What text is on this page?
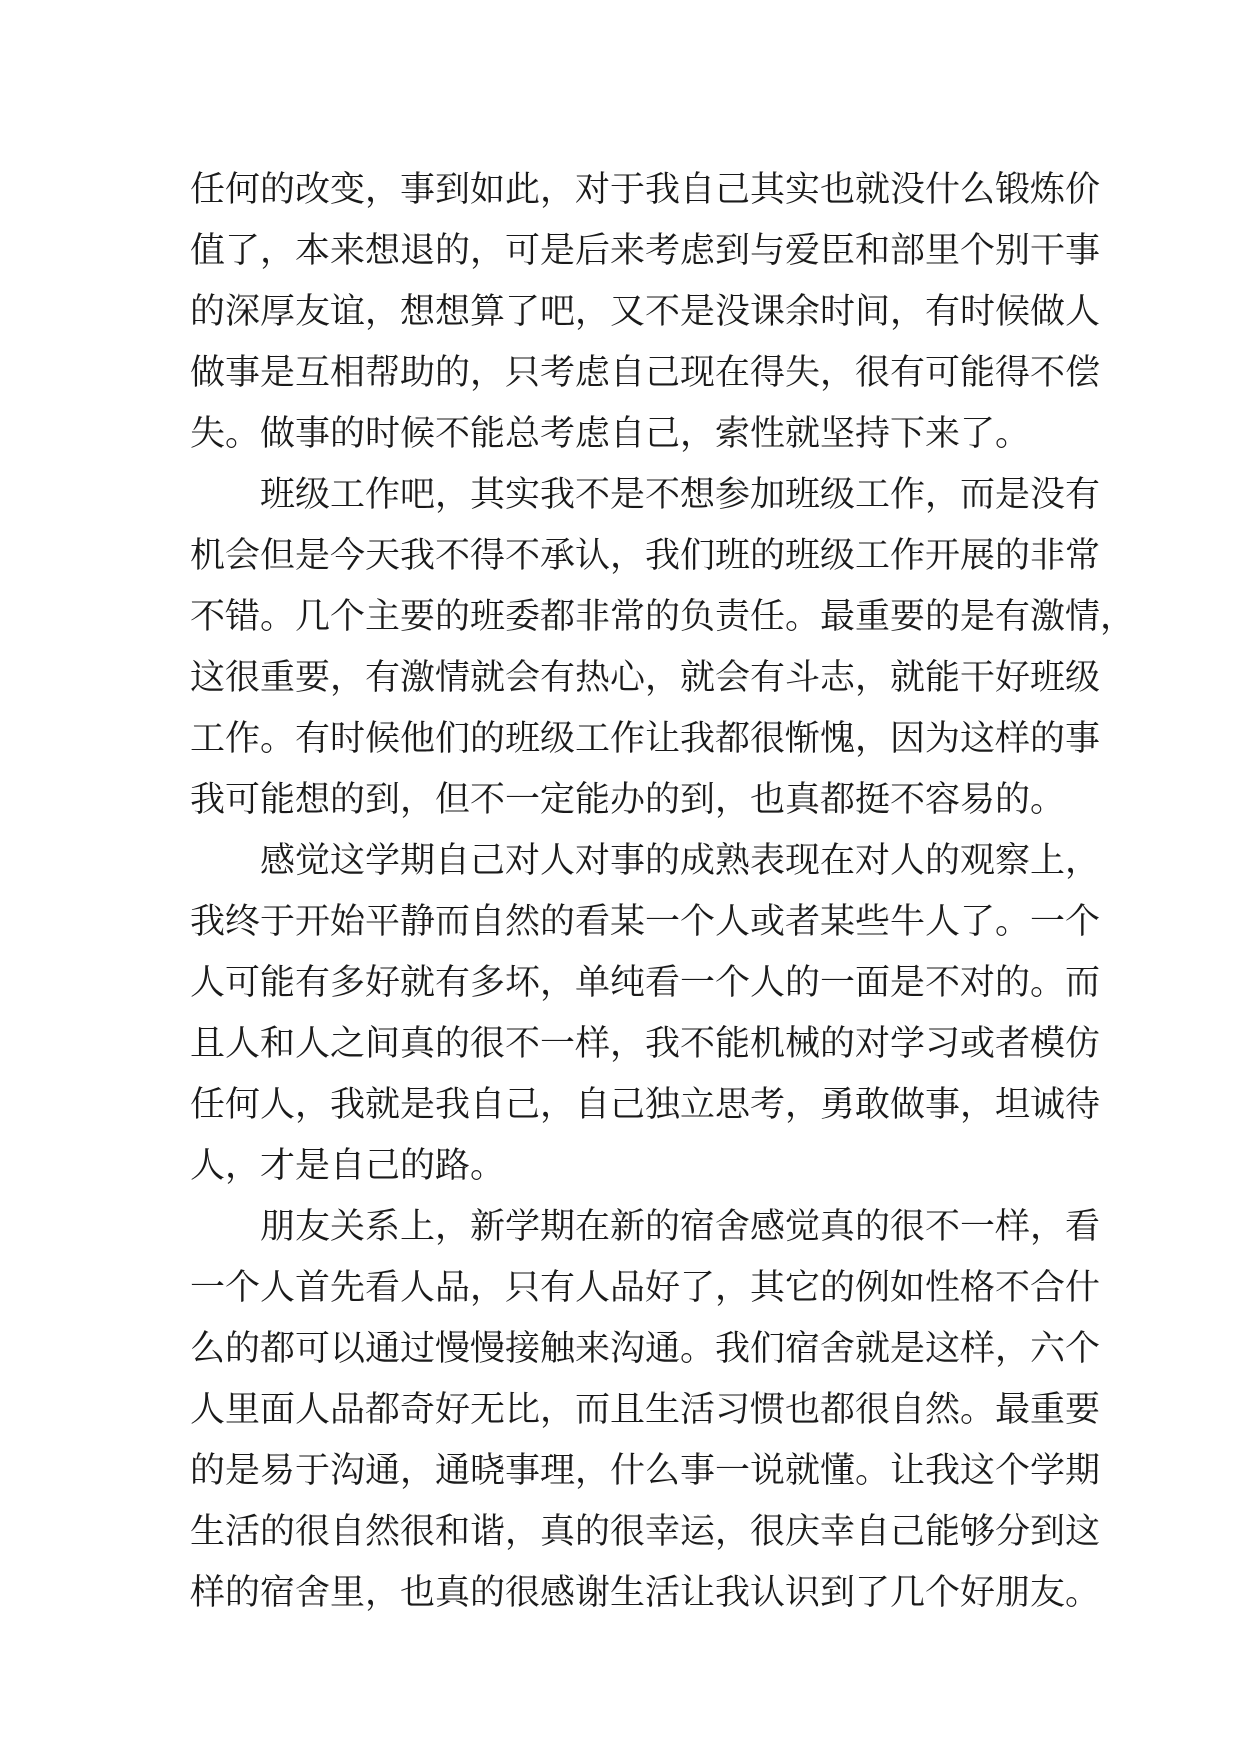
任何的改变，事到如此，对于我自己其实也就没什么锻炼价
值了，本来想退的，可是后来考虑到与爱臣和部里个别干事
的深厚友谊，想想算了吧，又不是没课余时间，有时候做人
做事是互相帮助的，只考虑自己现在得失，很有可能得不偿
失。做事的时候不能总考虑自己，索性就坚持下来了。
班级工作吧，其实我不是不想参加班级工作，而是没有
机会但是今天我不得不承认，我们班的班级工作开展的非常
不错。几个主要的班委都非常的负责任。最重要的是有激情，
这很重要，有激情就会有热心，就会有斗志，就能干好班级
工作。有时候他们的班级工作让我都很惭愧，因为这样的事
我可能想的到，但不一定能办的到，也真都挺不容易的。
感觉这学期自己对人对事的成熟表现在对人的观察上，
我终于开始平静而自然的看某一个人或者某些牛人了。一个
人可能有多好就有多坏，单纯看一个人的一面是不对的。而
且人和人之间真的很不一样，我不能机械的对学习或者模仿
任何人，我就是我自己，自己独立思考，勇敢做事，坦诚待
人，才是自己的路。
朋友关系上，新学期在新的宿舍感觉真的很不一样，看
一个人首先看人品，只有人品好了，其它的例如性格不合什
么的都可以通过慢慢接触来沟通。我们宿舍就是这样，六个
人里面人品都奇好无比，而且生活习惯也都很自然。最重要
的是易于沟通，通晓事理，什么事一说就懂。让我这个学期
生活的很自然很和谐，真的很幸运，很庆幸自己能够分到这
样的宿舍里，也真的很感谢生活让我认识到了几个好朋友。
